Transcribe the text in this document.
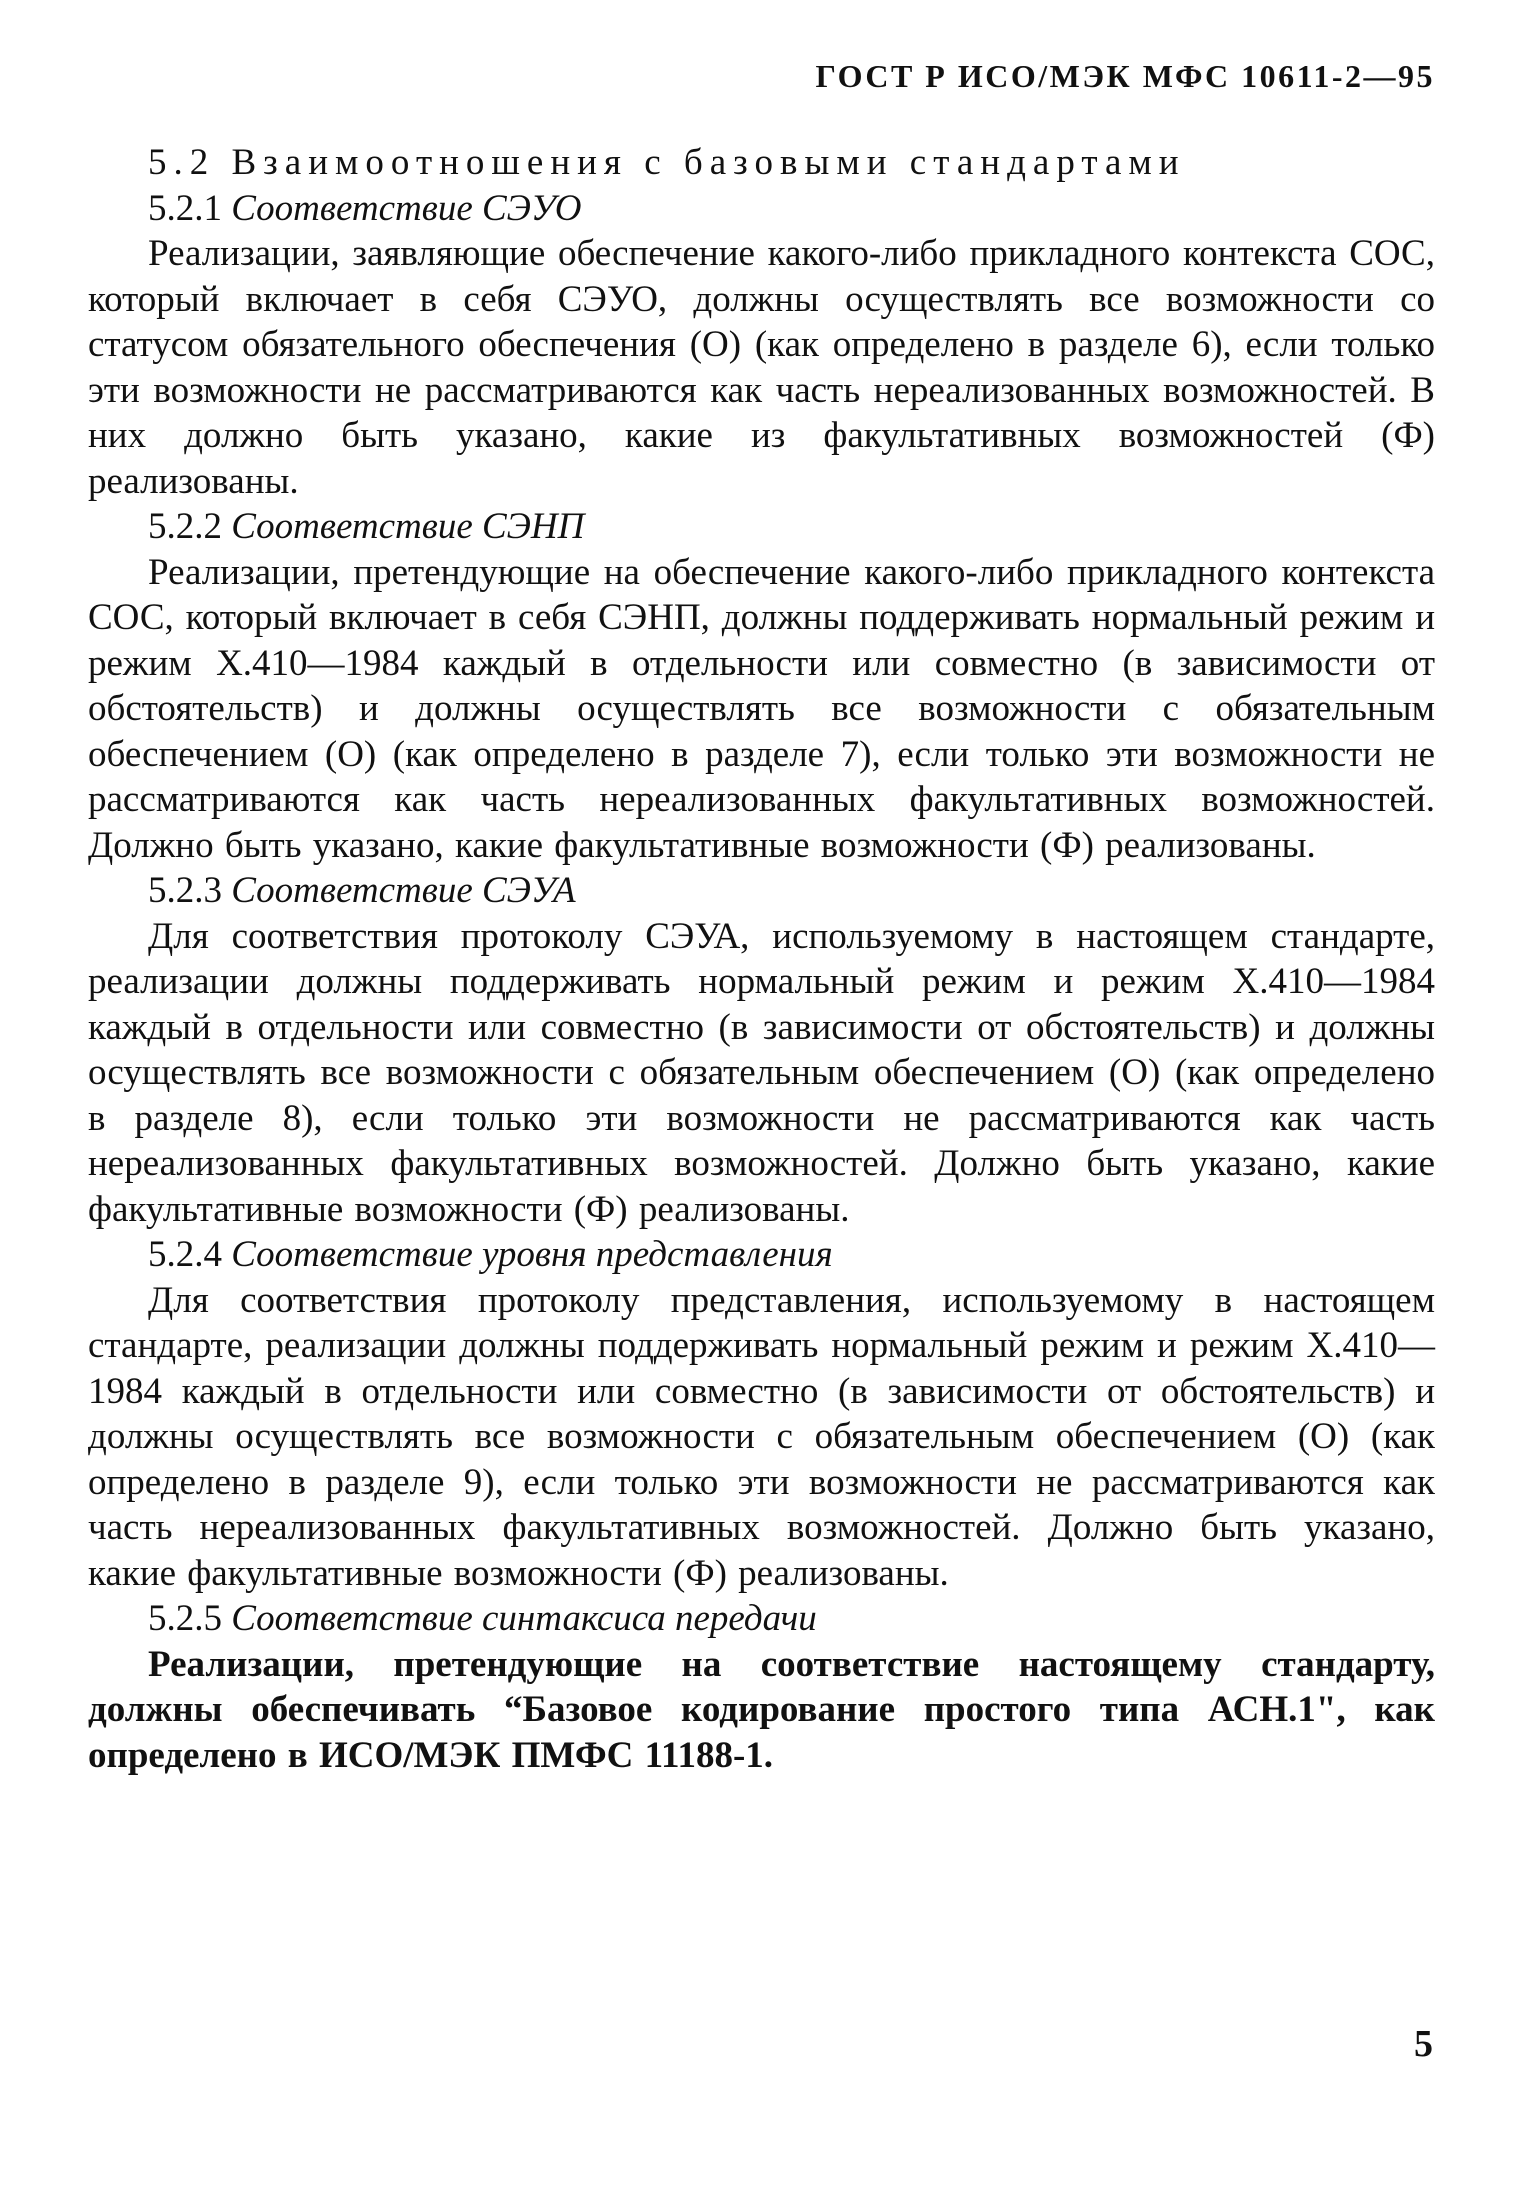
ГОСТ Р ИСО/МЭК МФС 10611-2—95

5.2 Взаимоотношения с базовыми стандартами

5.2.1 Соответствие СЭУО

Реализации, заявляющие обеспечение какого-либо прикладного контекста СОС, который включает в себя СЭУО, должны осуществлять все возможности со статусом обязательного обеспечения (О) (как определено в разделе 6), если только эти возможности не рассматриваются как часть нереализованных возможностей. В них должно быть указано, какие из факультативных возможностей (Ф) реализованы.

5.2.2 Соответствие СЭНП

Реализации, претендующие на обеспечение какого-либо прикладного контекста СОС, который включает в себя СЭНП, должны поддерживать нормальный режим и режим X.410—1984 каждый в отдельности или совместно (в зависимости от обстоятельств) и должны осуществлять все возможности с обязательным обеспечением (О) (как определено в разделе 7), если только эти возможности не рассматриваются как часть нереализованных факультативных возможностей. Должно быть указано, какие факультативные возможности (Ф) реализованы.

5.2.3 Соответствие СЭУА

Для соответствия протоколу СЭУА, используемому в настоящем стандарте, реализации должны поддерживать нормальный режим и режим X.410—1984 каждый в отдельности или совместно (в зависимости от обстоятельств) и должны осуществлять все возможности с обязательным обеспечением (О) (как определено в разделе 8), если только эти возможности не рассматриваются как часть нереализованных факультативных возможностей. Должно быть указано, какие факультативные возможности (Ф) реализованы.

5.2.4 Соответствие уровня представления

Для соответствия протоколу представления, используемому в настоящем стандарте, реализации должны поддерживать нормальный режим и режим X.410—1984 каждый в отдельности или совместно (в зависимости от обстоятельств) и должны осуществлять все возможности с обязательным обеспечением (О) (как определено в разделе 9), если только эти возможности не рассматриваются как часть нереализованных факультативных возможностей. Должно быть указано, какие факультативные возможности (Ф) реализованы.

5.2.5 Соответствие синтаксиса передачи

Реализации, претендующие на соответствие настоящему стандарту, должны обеспечивать “Базовое кодирование простого типа АСН.1", как определено в ИСО/МЭК ПМФС 11188-1.

5
